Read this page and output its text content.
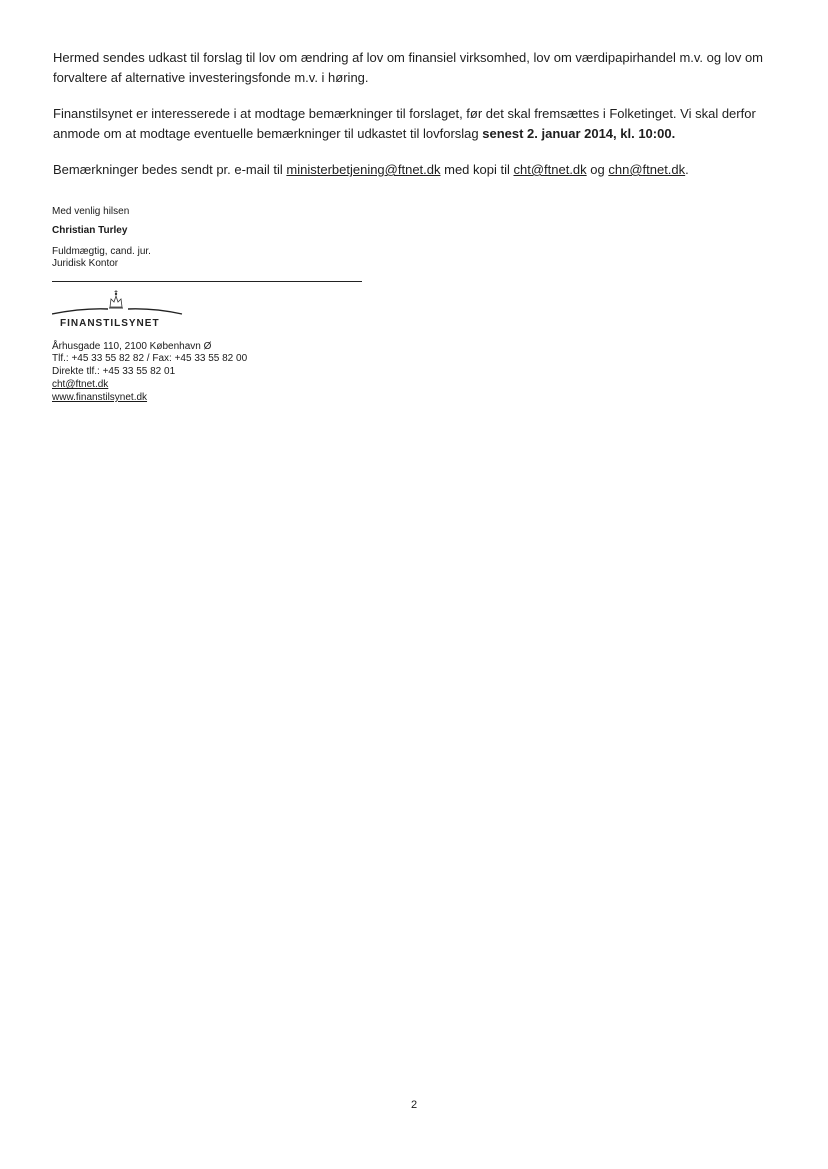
Hermed sendes udkast til forslag til lov om ændring af lov om finansiel virksomhed, lov om værdipapirhandel m.v. og lov om forvaltere af alternative investeringsfonde m.v. i høring.

Finanstilsynet er interesserede i at modtage bemærkninger til forslaget, før det skal fremsættes i Folketinget. Vi skal derfor anmode om at modtage eventuelle bemærkninger til udkastet til lovforslag senest 2. januar 2014, kl. 10:00.

Bemærkninger bedes sendt pr. e-mail til ministerbetjening@ftnet.dk med kopi til cht@ftnet.dk og chn@ftnet.dk.

Med venlig hilsen
Christian Turley
Fuldmægtig, cand. jur.
Juridisk Kontor
FINANSTILSYNET
Århusgade 110, 2100 København Ø
Tlf.: +45 33 55 82 82 / Fax: +45 33 55 82 00
Direkte tlf.: +45 33 55 82 01
cht@ftnet.dk
www.finanstilsynet.dk
2
